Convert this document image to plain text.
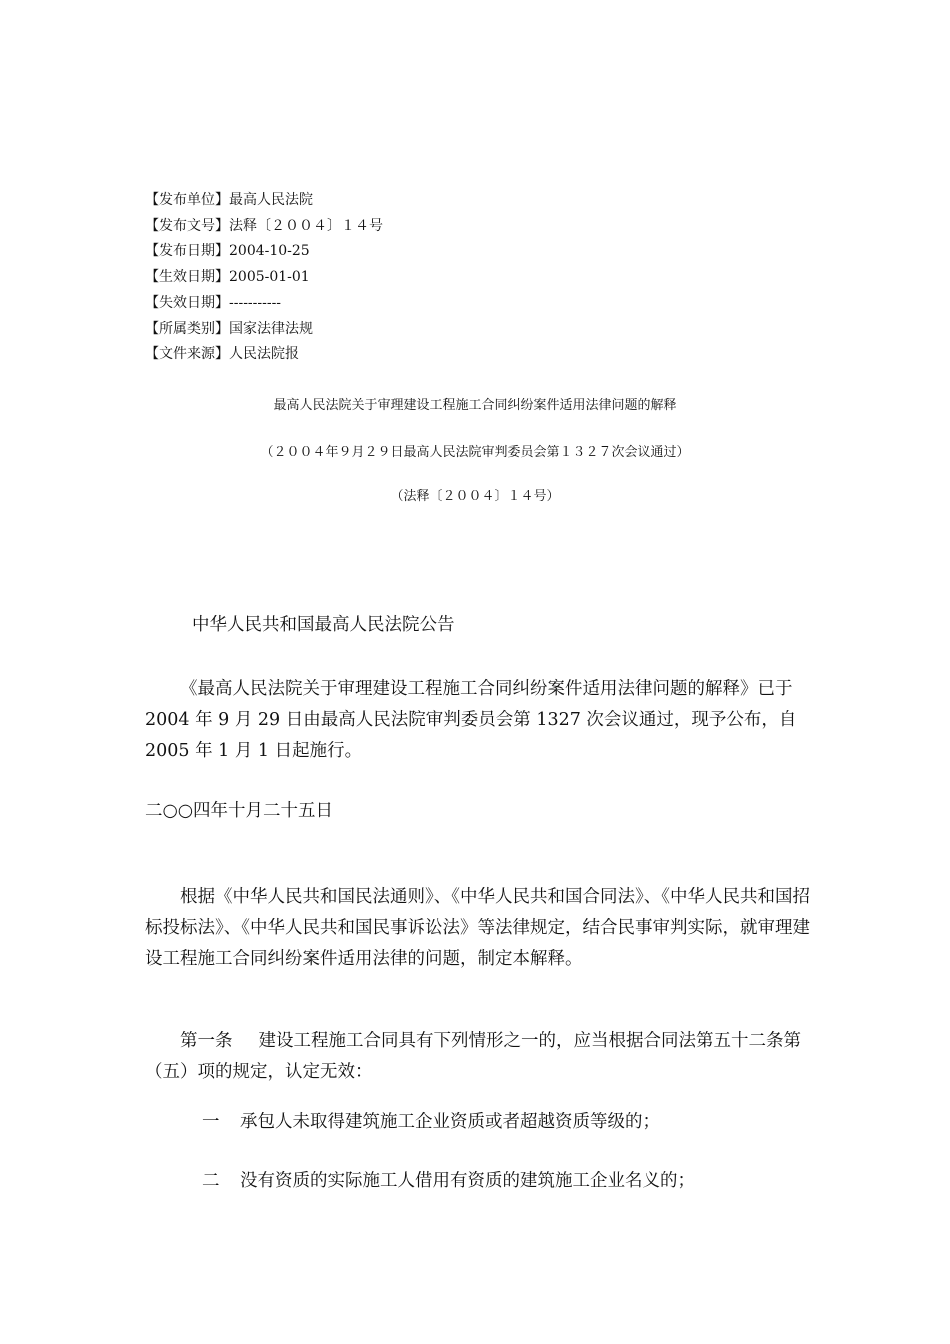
【发布单位】最高人民法院
【发布文号】法释〔２００４〕１４号
【发布日期】2004-10-25
【生效日期】2005-01-01
【失效日期】-----------
【所属类别】国家法律法规
【文件来源】人民法院报
最高人民法院关于审理建设工程施工合同纠纷案件适用法律问题的解释
（２００４年９月２９日最高人民法院审判委员会第１３２７次会议通过）
（法释〔２００４〕１４号）
中华人民共和国最高人民法院公告
《最高人民法院关于审理建设工程施工合同纠纷案件适用法律问题的解释》已于 2004 年 9 月 29 日由最高人民法院审判委员会第 1327 次会议通过，现予公布，自 2005 年 1 月 1 日起施行。
二○○四年十月二十五日
根据《中华人民共和国民法通则》、《中华人民共和国合同法》、《中华人民共和国招标投标法》、《中华人民共和国民事诉讼法》等法律规定，结合民事审判实际，就审理建设工程施工合同纠纷案件适用法律的问题，制定本解释。
第一条 建设工程施工合同具有下列情形之一的，应当根据合同法第五十二条第（五）项的规定，认定无效：
一 承包人未取得建筑施工企业资质或者超越资质等级的；
二 没有资质的实际施工人借用有资质的建筑施工企业名义的；
